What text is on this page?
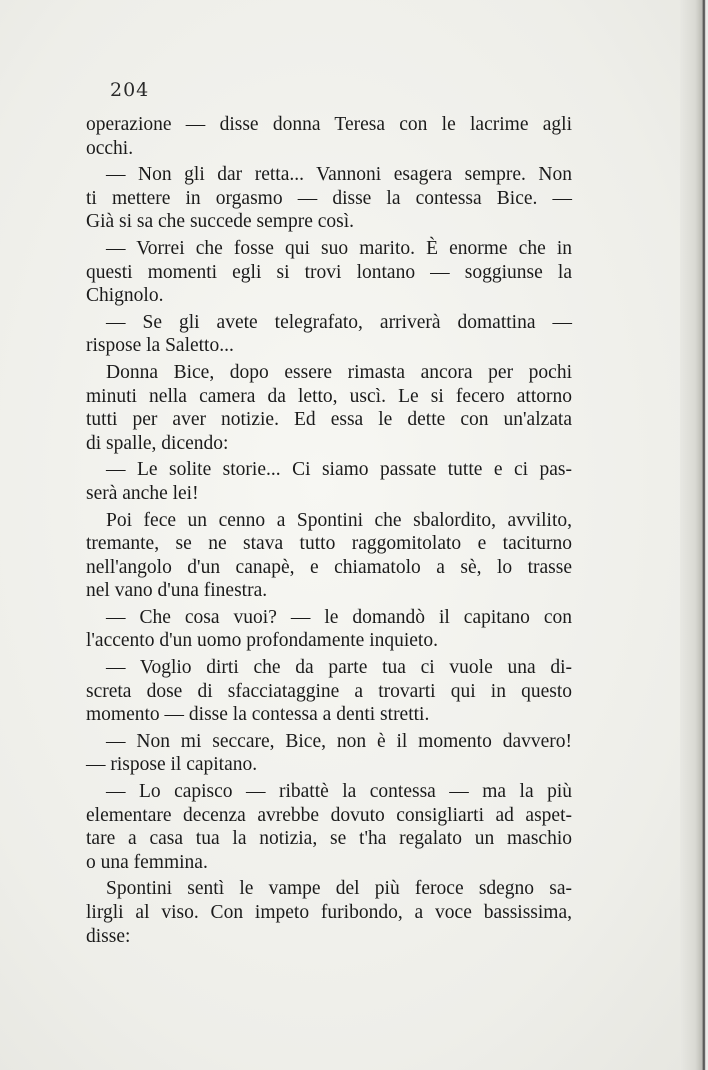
204
operazione — disse donna Teresa con le lacrime agli
occhi.
— Non gli dar retta... Vannoni esagera sempre. Non
ti mettere in orgasmo — disse la contessa Bice. —
Già si sa che succede sempre così.
— Vorrei che fosse qui suo marito. È enorme che in
questi momenti egli si trovi lontano — soggiunse la
Chignolo.
— Se gli avete telegrafato, arriverà domattina —
rispose la Saletto...
Donna Bice, dopo essere rimasta ancora per pochi
minuti nella camera da letto, uscì. Le si fecero attorno
tutti per aver notizie. Ed essa le dette con un'alzata
di spalle, dicendo:
— Le solite storie... Ci siamo passate tutte e ci pas-
serà anche lei!
Poi fece un cenno a Spontini che sbalordito, avvilito,
tremante, se ne stava tutto raggomitolato e taciturno
nell'angolo d'un canapè, e chiamatolo a sè, lo trasse
nel vano d'una finestra.
— Che cosa vuoi? — le domandò il capitano con
l'accento d'un uomo profondamente inquieto.
— Voglio dirti che da parte tua ci vuole una di-
screta dose di sfacciataggine a trovarti qui in questo
momento — disse la contessa a denti stretti.
— Non mi seccare, Bice, non è il momento davvero!
— rispose il capitano.
— Lo capisco — ribattè la contessa — ma la più
elementare decenza avrebbe dovuto consigliarti ad aspet-
tare a casa tua la notizia, se t'ha regalato un maschio
o una femmina.
Spontini sentì le vampe del più feroce sdegno sa-
lirgli al viso. Con impeto furibondo, a voce bassissima,
disse:
